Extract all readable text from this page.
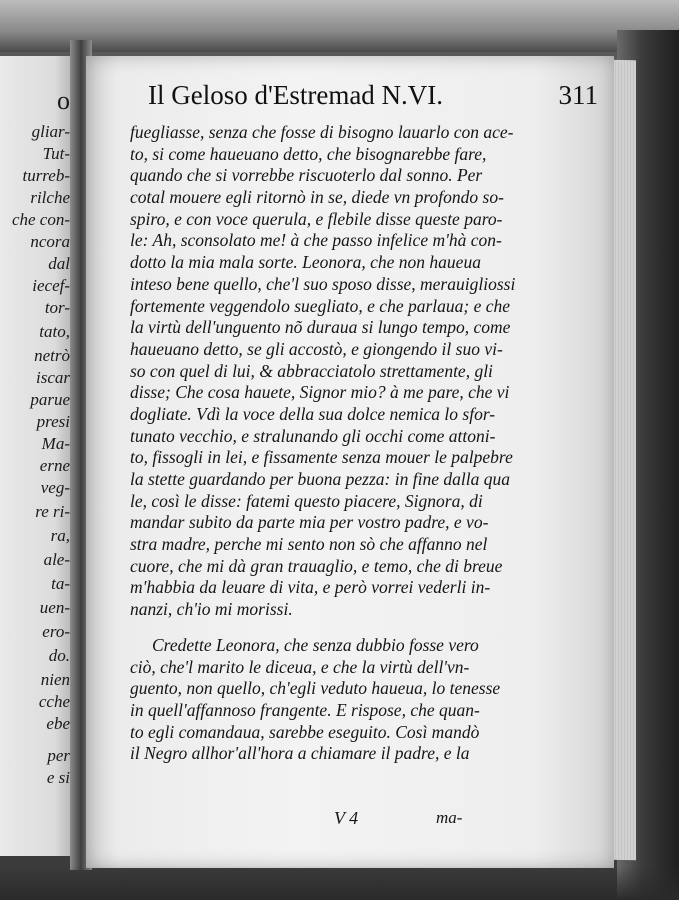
o
gliar-
Tut-
turreb-
rilche
che con-
ncora
dal
iecef-
tor-
tato,
netrò
iscar
parue
presi
Ma-
erne
veg-
re ri-
ra,
ale-
ta-
uen-
ero-
do.
nien
cche
ebe
per
e si
Il Geloso d'Estremad N.VI.	311
fuegliasse, senza che fosse di bisogno lauarlo con ace-
to, si come haueuano detto, che bisognarebbe fare,
quando che si vorrebbe riscuoterlo dal sonno. Per
cotal mouere egli ritornò in se, diede vn profondo so-
spiro, e con voce querula, e flebile disse queste paro-
le: Ah, sconsolato me! à che passo infelice m'hà con-
dotto la mia mala sorte. Leonora, che non haueua
inteso bene quello, che'l suo sposo disse, merauigliossi
fortemente veggendolo suegliato, e che parlaua; e che
la virtù dell'unguento nõ duraua si lungo tempo, come
haueuano detto, se gli accostò, e giongendo il suo vi-
so con quel di lui, & abbracciatolo strettamente, gli
disse; Che cosa hauete, Signor mio? à me pare, che vi
dogliate. Vdì la voce della sua dolce nemica lo sfor-
tunato vecchio, e stralunando gli occhi come attoni-
to, fissogli in lei, e fissamente senza mouer le palpebre
la stette guardando per buona pezza: in fine dalla qua
le, così le disse: fatemi questo piacere, Signora, di
mandar subito da parte mia per vostro padre, e vo-
stra madre, perche mi sento non sò che affanno nel
cuore, che mi dà gran trauaglio, e temo, che di breue
m'habbia da leuare di vita, e però vorrei vederli in-
nanzi, ch'io mi morissi.
Credette Leonora, che senza dubbio fosse vero
ciò, che'l marito le diceua, e che la virtù dell'vn-
guento, non quello, ch'egli veduto haueua, lo tenesse
in quell'affannoso frangente. E rispose, che quan-
to egli comandaua, sarebbe eseguito. Così mandò
il Negro allhor'all'hora a chiamare il padre, e la
V 4	ma-
